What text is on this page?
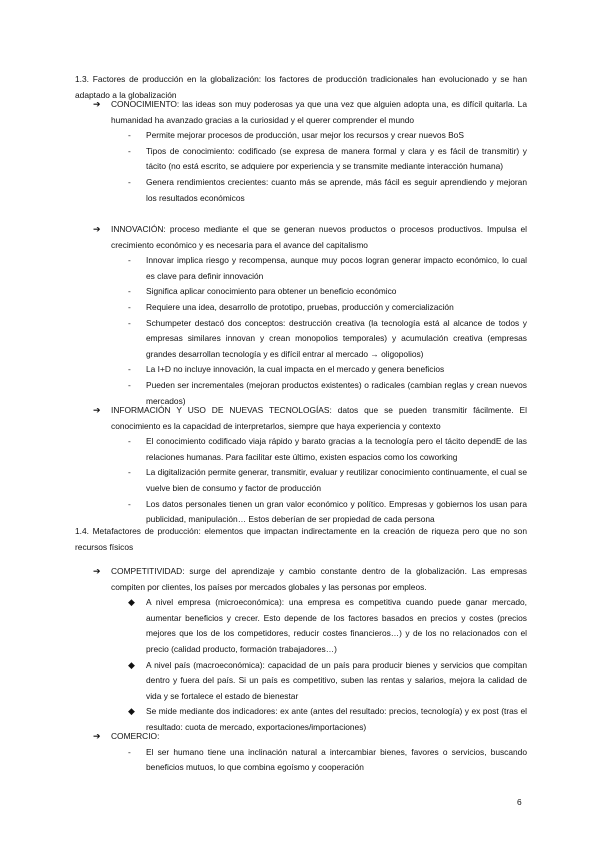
1.3. Factores de producción en la globalización: los factores de producción tradicionales han evolucionado y se han adaptado a la globalización

➔ CONOCIMIENTO: las ideas son muy poderosas ya que una vez que alguien adopta una, es difícil quitarla. La humanidad ha avanzado gracias a la curiosidad y el querer comprender el mundo

- Permite mejorar procesos de producción, usar mejor los recursos y crear nuevos BoS

- Tipos de conocimiento: codificado (se expresa de manera formal y clara y es fácil de transmitir) y tácito (no está escrito, se adquiere por experiencia y se transmite mediante interacción humana)

- Genera rendimientos crecientes: cuanto más se aprende, más fácil es seguir aprendiendo y mejoran los resultados económicos

➔ INNOVACIÓN: proceso mediante el que se generan nuevos productos o procesos productivos. Impulsa el crecimiento económico y es necesaria para el avance del capitalismo

- Innovar implica riesgo y recompensa, aunque muy pocos logran generar impacto económico, lo cual es clave para definir innovación

- Significa aplicar conocimiento para obtener un beneficio económico

- Requiere una idea, desarrollo de prototipo, pruebas, producción y comercialización

- Schumpeter destacó dos conceptos: destrucción creativa (la tecnología está al alcance de todos y empresas similares innovan y crean monopolios temporales) y acumulación creativa (empresas grandes desarrollan tecnología y es difícil entrar al mercado → oligopolios)

- La I+D no incluye innovación, la cual impacta en el mercado y genera beneficios

- Pueden ser incrementales (mejoran productos existentes) o radicales (cambian reglas y crean nuevos mercados)

➔ INFORMACIÓN Y USO DE NUEVAS TECNOLOGÍAS: datos que se pueden transmitir fácilmente. El conocimiento es la capacidad de interpretarlos, siempre que haya experiencia y contexto

- El conocimiento codificado viaja rápido y barato gracias a la tecnología pero el tácito dependE de las relaciones humanas. Para facilitar este último, existen espacios como los coworking

- La digitalización permite generar, transmitir, evaluar y reutilizar conocimiento continuamente, el cual se vuelve bien de consumo y factor de producción

- Los datos personales tienen un gran valor económico y político. Empresas y gobiernos los usan para publicidad, manipulación… Estos deberían de ser propiedad de cada persona

1.4. Metafactores de producción: elementos que impactan indirectamente en la creación de riqueza pero que no son recursos físicos

➔ COMPETITIVIDAD: surge del aprendizaje y cambio constante dentro de la globalización. Las empresas compiten por clientes, los países por mercados globales y las personas por empleos.

◆ A nivel empresa (microeconómica): una empresa es competitiva cuando puede ganar mercado, aumentar beneficios y crecer. Esto depende de los factores basados en precios y costes (precios mejores que los de los competidores, reducir costes financieros…) y de los no relacionados con el precio (calidad producto, formación trabajadores…)

◆ A nivel país (macroeconómica): capacidad de un país para producir bienes y servicios que compitan dentro y fuera del país. Si un país es competitivo, suben las rentas y salarios, mejora la calidad de vida y se fortalece el estado de bienestar

◆ Se mide mediante dos indicadores: ex ante (antes del resultado: precios, tecnología) y ex post (tras el resultado: cuota de mercado, exportaciones/importaciones)

➔ COMERCIO:

- El ser humano tiene una inclinación natural a intercambiar bienes, favores o servicios, buscando beneficios mutuos, lo que combina egoísmo y cooperación

6
